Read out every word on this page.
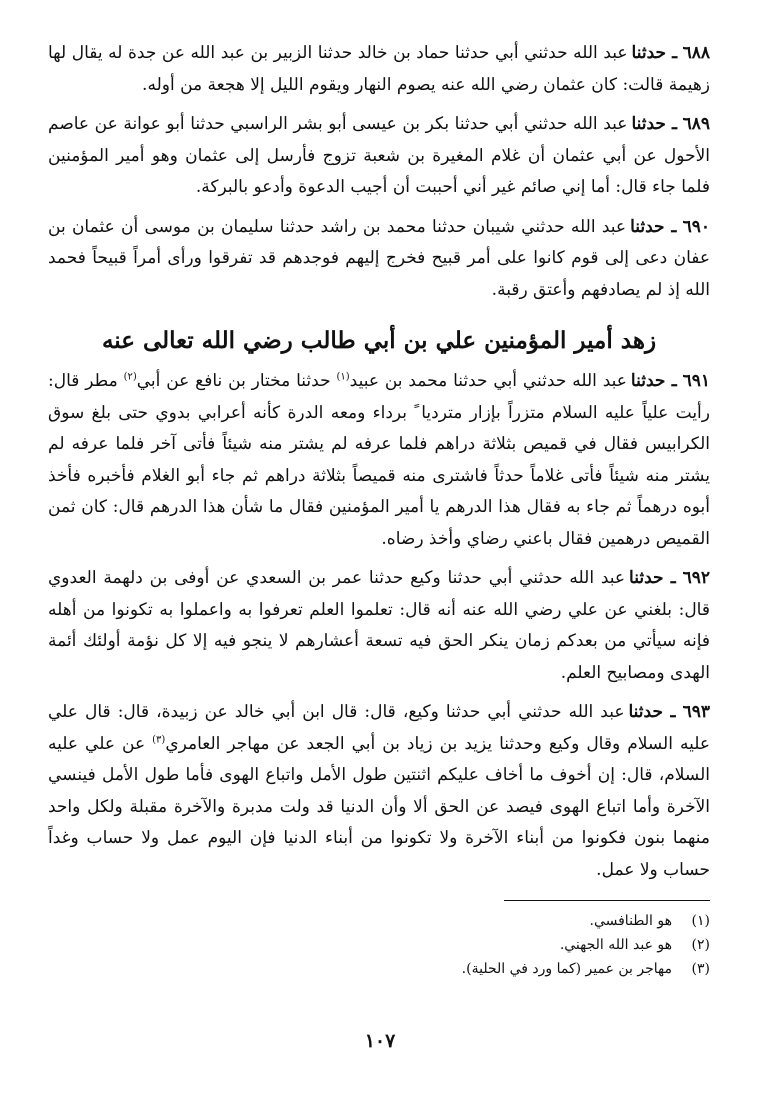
٦٨٨ ـ حدثناعبد الله حدثني أبي حدثنا حماد بن خالد حدثنا الزبير بن عبد الله عن جدة له يقال لها زهيمة قالت: كان عثمان رضي الله عنه يصوم النهار ويقوم الليل إلا هجعة من أوله.

٦٨٩ ـ حدثناعبد الله حدثني أبي حدثنا بكر بن عيسى أبو بشر الراسبي حدثنا أبو عوانة عن عاصم الأحول عن أبي عثمان أن غلام المغيرة بن شعبة تزوج فأرسل إلى عثمان وهو أمير المؤمنين فلما جاء قال: أما إني صائم غير أني أحببت أن أجيب الدعوة وأدعو بالبركة.

٦٩٠ ـ حدثناعبد الله حدثني شيبان حدثنا محمد بن راشد حدثنا سليمان بن موسى أن عثمان بن عفان دعى إلى قوم كانوا على أمر قبيح فخرج إليهم فوجدهم قد تفرقوا ورأى أمراً قبيحاً فحمد الله إذ لم يصادفهم وأعتق رقبة.

زهد أمير المؤمنين علي بن أبي طالب رضي الله تعالى عنه

٦٩١ ـ حدثناعبد الله حدثني أبي حدثنا محمد بن عبيد$^{(١)}$ حدثنا مختار بن نافع عن أبي$^{(٢)}$ مطر قال: رأيت علياً عليه السلام متزراً بإزار مترديا ً برداء ومعه الدرة كأنه أعرابي بدوي حتى بلغ سوق الكرابيس فقال في قميص بثلاثة دراهم فلما عرفه لم يشتر منه شيئاً فأتى آخر فلما عرفه لم يشتر منه شيئاً فأتى غلاماً حدثاً فاشترى منه قميصاً بثلاثة دراهم ثم جاء أبو الغلام فأخبره فأخذ أبوه درهماً ثم جاء به فقال هذا الدرهم يا أمير المؤمنين فقال ما شأن هذا الدرهم قال: كان ثمن القميص درهمين فقال باعني رضاي وأخذ رضاه.

٦٩٢ ـ حدثناعبد الله حدثني أبي حدثنا وكيع حدثنا عمر بن السعدي عن أوفى بن دلهمة العدوي قال: بلغني عن علي رضي الله عنه أنه قال: تعلموا العلم تعرفوا به واعملوا به تكونوا من أهله فإنه سيأتي من بعدكم زمان ينكر الحق فيه تسعة أعشارهم لا ينجو فيه إلا كل نؤمة أولئك أئمة الهدى ومصابيح العلم.

٦٩٣ ـ حدثناعبد الله حدثني أبي حدثنا وكيع، قال: قال ابن أبي خالد عن زبيدة، قال: قال علي عليه السلام وقال وكيع وحدثنا يزيد بن زياد بن أبي الجعد عن مهاجر العامري$^{(٣)}$ عن علي عليه السلام، قال: إن أخوف ما أخاف عليكم اثنتين طول الأمل واتباع الهوى فأما طول الأمل فينسي الآخرة وأما اتباع الهوى فيصد عن الحق ألا وأن الدنيا قد ولت مدبرة والآخرة مقبلة ولكل واحد منهما بنون فكونوا من أبناء الآخرة ولا تكونوا من أبناء الدنيا فإن اليوم عمل ولا حساب وغداً حساب ولا عمل.

(١)
هو الطنافسي.
(٢)
هو عبد الله الجهني.
(٣)
مهاجر بن عمير (كما ورد في الحلية).
١٠٧
